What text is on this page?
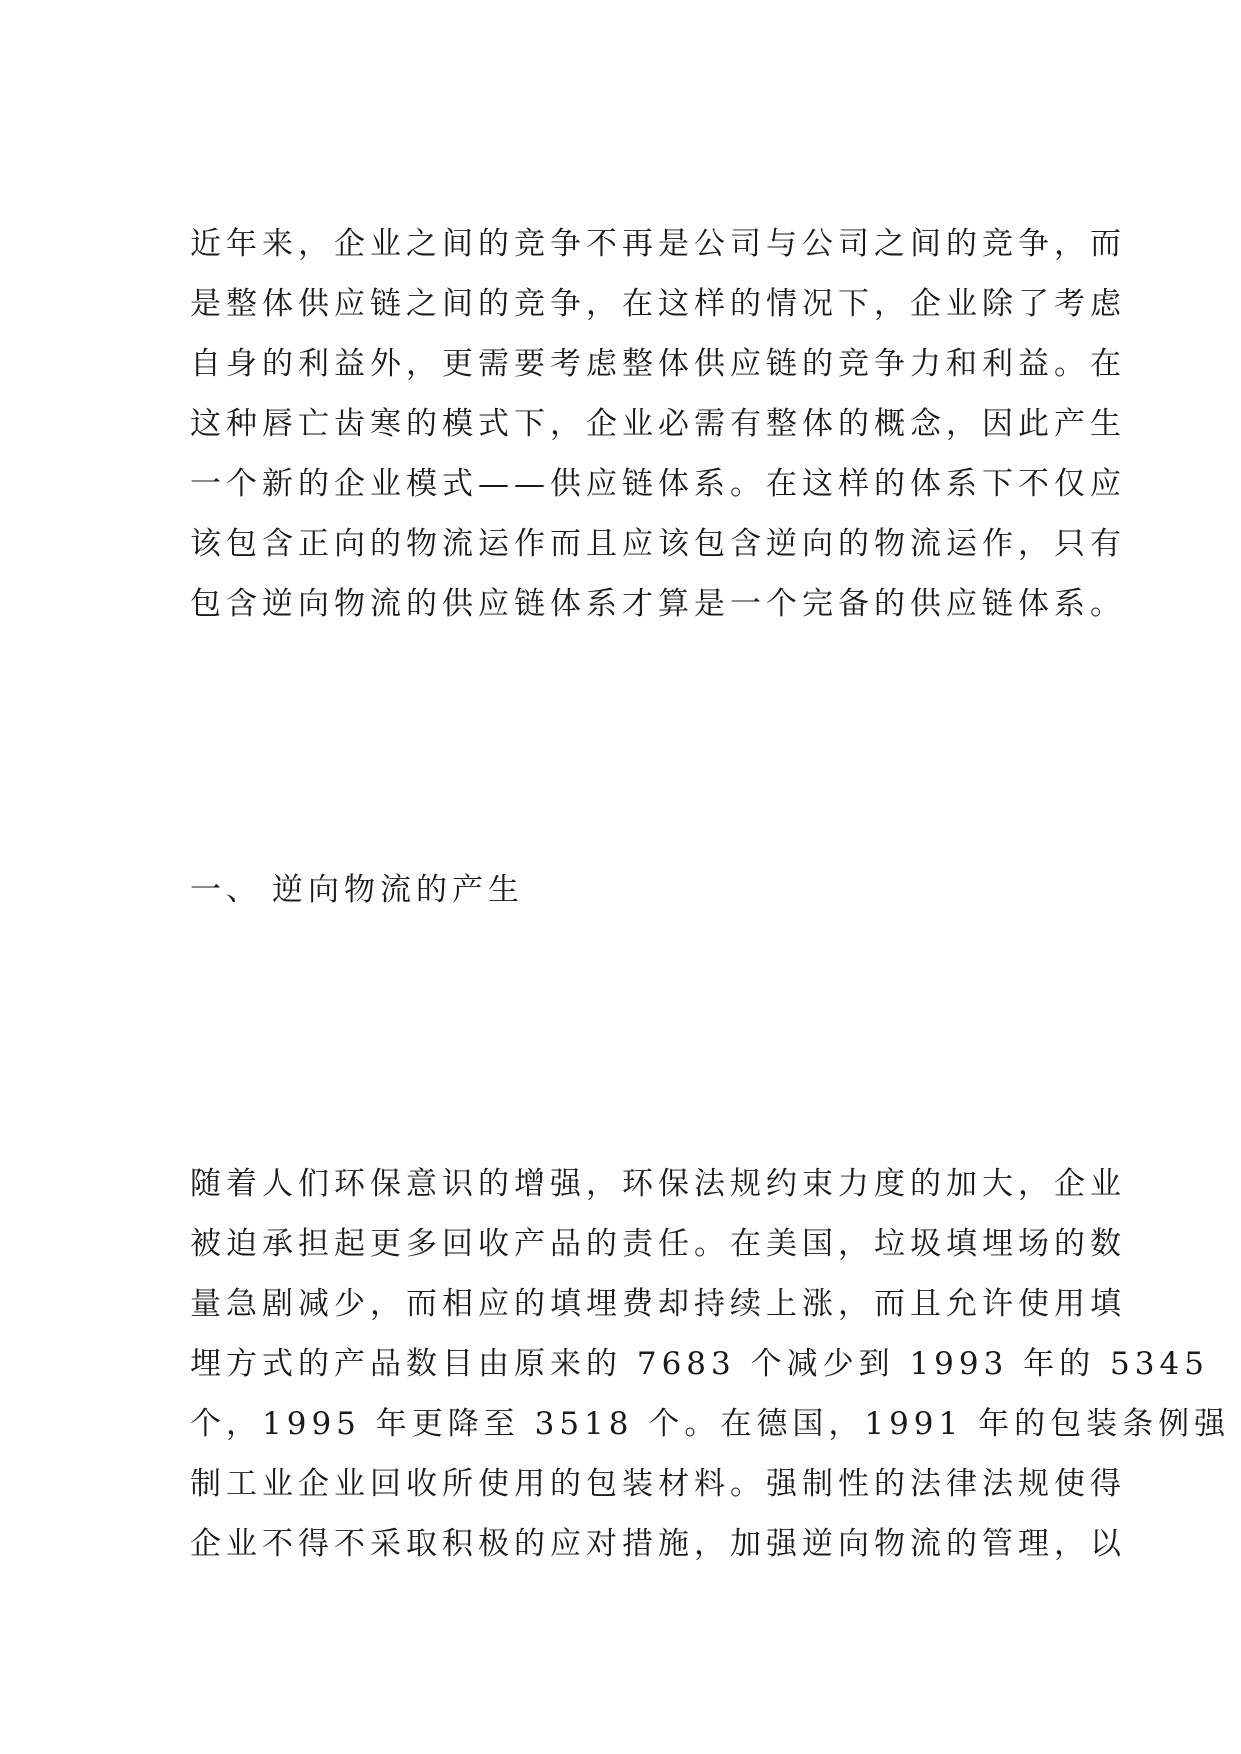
近年来，企业之间的竞争不再是公司与公司之间的竞争，而
是整体供应链之间的竞争，在这样的情况下，企业除了考虑
自身的利益外，更需要考虑整体供应链的竞争力和利益。在
这种唇亡齿寒的模式下，企业必需有整体的概念，因此产生
一个新的企业模式——供应链体系。在这样的体系下不仅应
该包含正向的物流运作而且应该包含逆向的物流运作，只有
包含逆向物流的供应链体系才算是一个完备的供应链体系。
一、 逆向物流的产生
随着人们环保意识的增强，环保法规约束力度的加大，企业
被迫承担起更多回收产品的责任。在美国，垃圾填埋场的数
量急剧减少，而相应的填埋费却持续上涨，而且允许使用填
埋方式的产品数目由原来的 7683 个减少到 1993 年的 5345
个，1995 年更降至 3518 个。在德国，1991 年的包装条例强
制工业企业回收所使用的包装材料。强制性的法律法规使得
企业不得不采取积极的应对措施，加强逆向物流的管理，以
